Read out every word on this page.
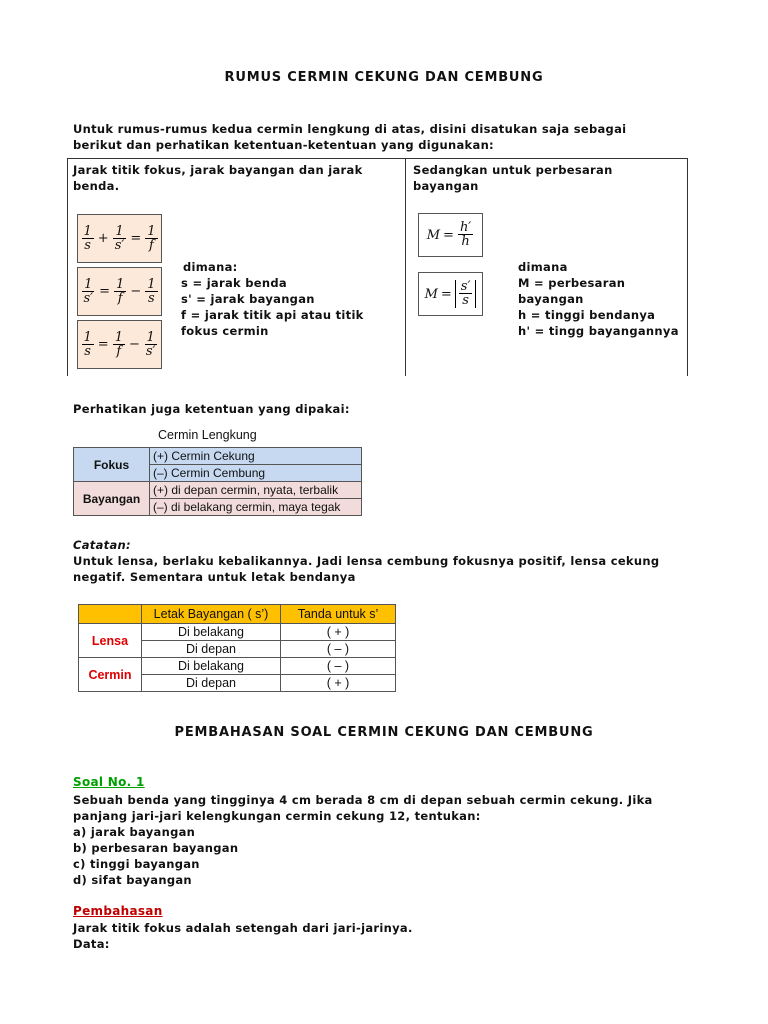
RUMUS CERMIN CEKUNG DAN CEMBUNG
Untuk rumus-rumus kedua cermin lengkung di atas, disini disatukan saja sebagai
berikut dan perhatikan ketentuan-ketentuan yang digunakan:
Jarak titik fokus, jarak bayangan dan jarak
benda.
Sedangkan untuk perbesaran
bayangan
$\frac{1}{s} + \frac{1}{s'} = \frac{1}{f}$
$\frac{1}{s'} = \frac{1}{f} - \frac{1}{s}$
$\frac{1}{s} = \frac{1}{f} - \frac{1}{s'}$
$M = \frac{h'}{h}$
$M = \frac{s'}{s}$
dimana:
s = jarak benda
s' = jarak bayangan
f = jarak titik api atau titik
fokus cermin
dimana
M = perbesaran
bayangan
h = tinggi bendanya
h' = tingg bayangannya
Perhatikan juga ketentuan yang dipakai:
Cermin Lengkung
Fokus	(+) Cermin Cekung
	(–) Cermin Cembung
Bayangan	(+) di depan cermin, nyata, terbalik
	(–) di belakang cermin, maya tegak
Catatan:
Untuk lensa, berlaku kebalikannya. Jadi lensa cembung fokusnya positif, lensa cekung
negatif. Sementara untuk letak bendanya
	Letak Bayangan ( s’)	Tanda untuk s’
Lensa	Di belakang	( + )
	Di depan	( – )
Cermin	Di belakang	( – )
	Di depan	( + )
PEMBAHASAN SOAL CERMIN CEKUNG DAN CEMBUNG
Soal No. 1
Sebuah benda yang tingginya 4 cm berada 8 cm di depan sebuah cermin cekung. Jika
panjang jari-jari kelengkungan cermin cekung 12, tentukan:
a) jarak bayangan
b) perbesaran bayangan
c) tinggi bayangan
d) sifat bayangan
Pembahasan
Jarak titik fokus adalah setengah dari jari-jarinya.
Data:
